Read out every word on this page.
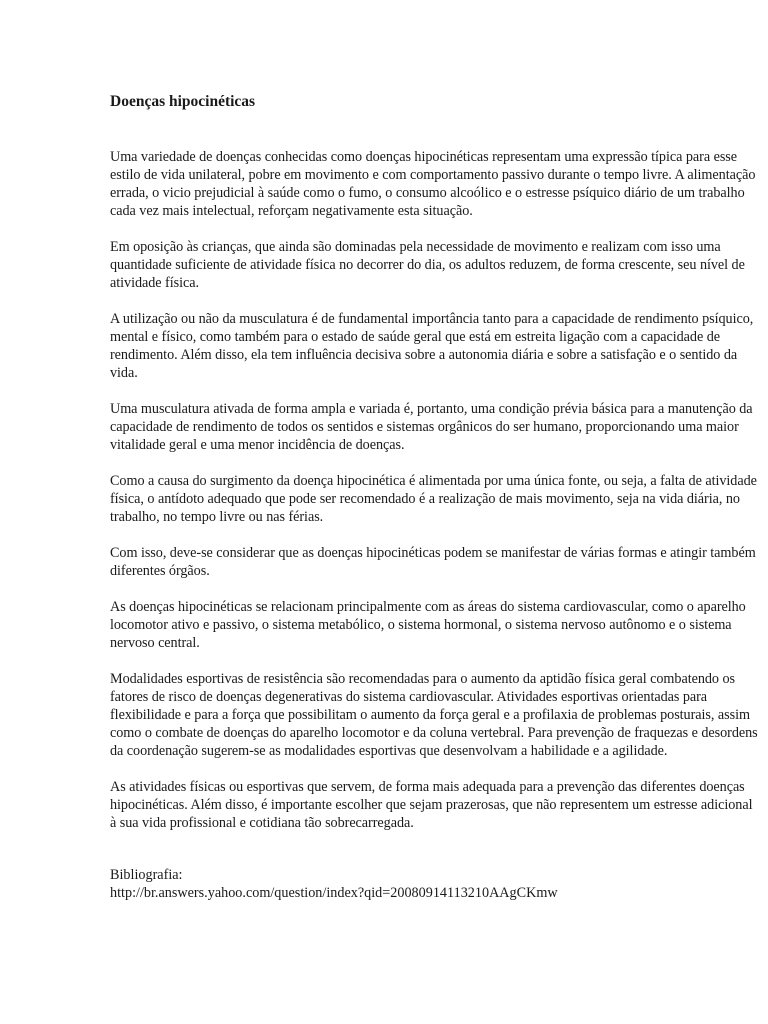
Doenças hipocinéticas

Uma variedade de doenças conhecidas como doenças hipocinéticas representam uma expressão típica para esse estilo de vida unilateral, pobre em movimento e com comportamento passivo durante o tempo livre. A alimentação errada, o vicio prejudicial à saúde como o fumo, o consumo alcoólico e o estresse psíquico diário de um trabalho cada vez mais intelectual, reforçam negativamente esta situação.

Em oposição às crianças, que ainda são dominadas pela necessidade de movimento e realizam com isso uma quantidade suficiente de atividade física no decorrer do dia, os adultos reduzem, de forma crescente, seu nível de atividade física.

A utilização ou não da musculatura é de fundamental importância tanto para a capacidade de rendimento psíquico, mental e físico, como também para o estado de saúde geral que está em estreita ligação com a capacidade de rendimento. Além disso, ela tem influência decisiva sobre a autonomia diária e sobre a satisfação e o sentido da vida.

Uma musculatura ativada de forma ampla e variada é, portanto, uma condição prévia básica para a manutenção da capacidade de rendimento de todos os sentidos e sistemas orgânicos do ser humano, proporcionando uma maior vitalidade geral e uma menor incidência de doenças.

Como a causa do surgimento da doença hipocinética é alimentada por uma única fonte, ou seja, a falta de atividade física, o antídoto adequado que pode ser recomendado é a realização de mais movimento, seja na vida diária, no trabalho, no tempo livre ou nas férias.

Com isso, deve-se considerar que as doenças hipocinéticas podem se manifestar de várias formas e atingir também diferentes órgãos.

As doenças hipocinéticas se relacionam principalmente com as áreas do sistema cardiovascular, como o aparelho locomotor ativo e passivo, o sistema metabólico, o sistema hormonal, o sistema nervoso autônomo e o sistema nervoso central.

Modalidades esportivas de resistência são recomendadas para o aumento da aptidão física geral combatendo os fatores de risco de doenças degenerativas do sistema cardiovascular. Atividades esportivas orientadas para flexibilidade e para a força que possibilitam o aumento da força geral e a profilaxia de problemas posturais, assim como o combate de doenças do aparelho locomotor e da coluna vertebral. Para prevenção de fraquezas e desordens da coordenação sugerem-se as modalidades esportivas que desenvolvam a habilidade e a agilidade.

As atividades físicas ou esportivas que servem, de forma mais adequada para a prevenção das diferentes doenças hipocinéticas. Além disso, é importante escolher que sejam prazerosas, que não representem um estresse adicional à sua vida profissional e cotidiana tão sobrecarregada.

Bibliografia:
http://br.answers.yahoo.com/question/index?qid=20080914113210AAgCKmw
